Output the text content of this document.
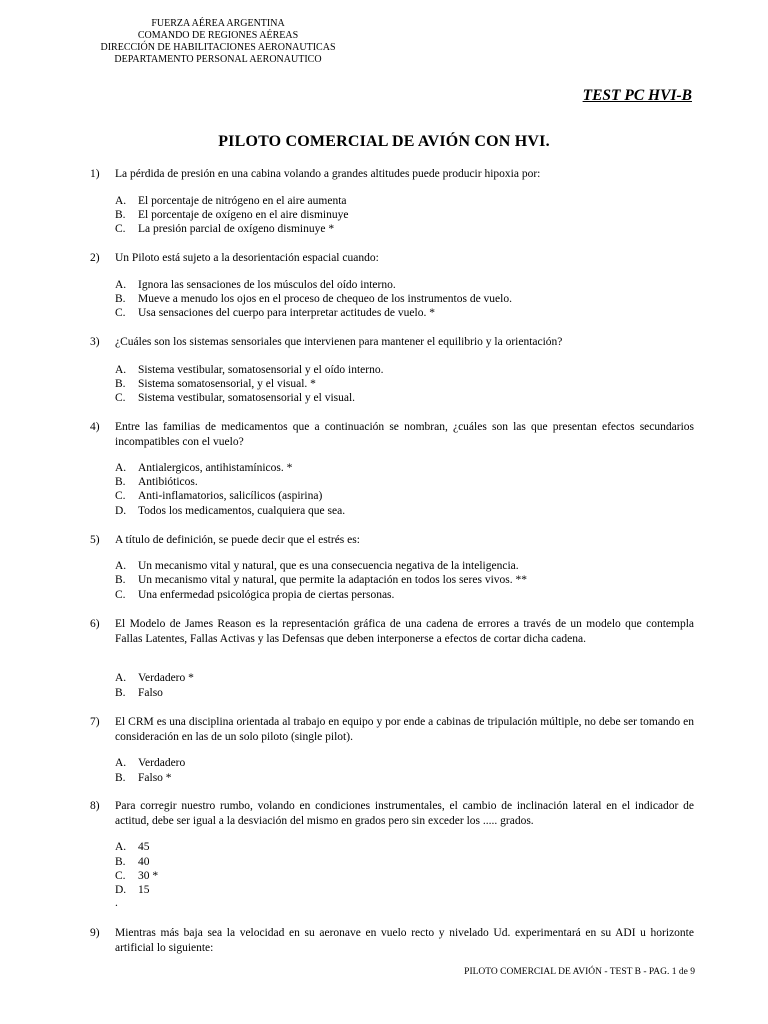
FUERZA AÉREA ARGENTINA
COMANDO DE REGIONES AÉREAS
DIRECCIÓN DE HABILITACIONES AERONAUTICAS
DEPARTAMENTO PERSONAL AERONAUTICO
TEST PC HVI-B
PILOTO COMERCIAL DE AVIÓN CON HVI.
1) La pérdida de presión en una cabina volando a grandes altitudes puede producir hipoxia por:
A. El porcentaje de nitrógeno en el aire aumenta
B. El porcentaje de oxígeno en el aire disminuye
C. La presión parcial de oxígeno disminuye *
2) Un Piloto está sujeto a la desorientación espacial cuando:
A. Ignora las sensaciones de los músculos del oído interno.
B. Mueve a menudo los ojos en el proceso de chequeo de los instrumentos de vuelo.
C. Usa sensaciones del cuerpo para interpretar actitudes de vuelo. *
3) ¿Cuáles son los sistemas sensoriales que intervienen para mantener el equilibrio y la orientación?
A. Sistema vestibular, somatosensorial y el oído interno.
B. Sistema somatosensorial, y el visual. *
C. Sistema vestibular, somatosensorial y el visual.
4) Entre las familias de medicamentos que a continuación se nombran, ¿cuáles son las que presentan efectos secundarios incompatibles con el vuelo?
A. Antialergicos, antihistamínicos. *
B. Antibióticos.
C. Anti-inflamatorios, salicílicos (aspirina)
D. Todos los medicamentos, cualquiera que sea.
5) A título de definición, se puede decir que el estrés es:
A. Un mecanismo vital y natural, que es una consecuencia negativa de la inteligencia.
B. Un mecanismo vital y natural, que permite la adaptación en todos los seres vivos. **
C. Una enfermedad psicológica propia de ciertas personas.
6) El Modelo de James Reason es la representación gráfica de una cadena de errores a través de un modelo que contempla Fallas Latentes, Fallas Activas y las Defensas que deben interponerse a efectos de cortar dicha cadena.
A. Verdadero *
B. Falso
7) El CRM es una disciplina orientada al trabajo en equipo y por ende a cabinas de tripulación múltiple, no debe ser tomando en consideración en las de un solo piloto (single pilot).
A. Verdadero
B. Falso *
8) Para corregir nuestro rumbo, volando en condiciones instrumentales, el cambio de inclinación lateral en el indicador de actitud, debe ser igual a la desviación del mismo en grados pero sin exceder los ..... grados.
A. 45
B. 40
C. 30 *
D. 15
.
9) Mientras más baja sea la velocidad en su aeronave en vuelo recto y nivelado Ud. experimentará en su ADI u horizonte artificial lo siguiente:
PILOTO COMERCIAL DE AVIÓN - TEST B - PAG. 1 de 9
